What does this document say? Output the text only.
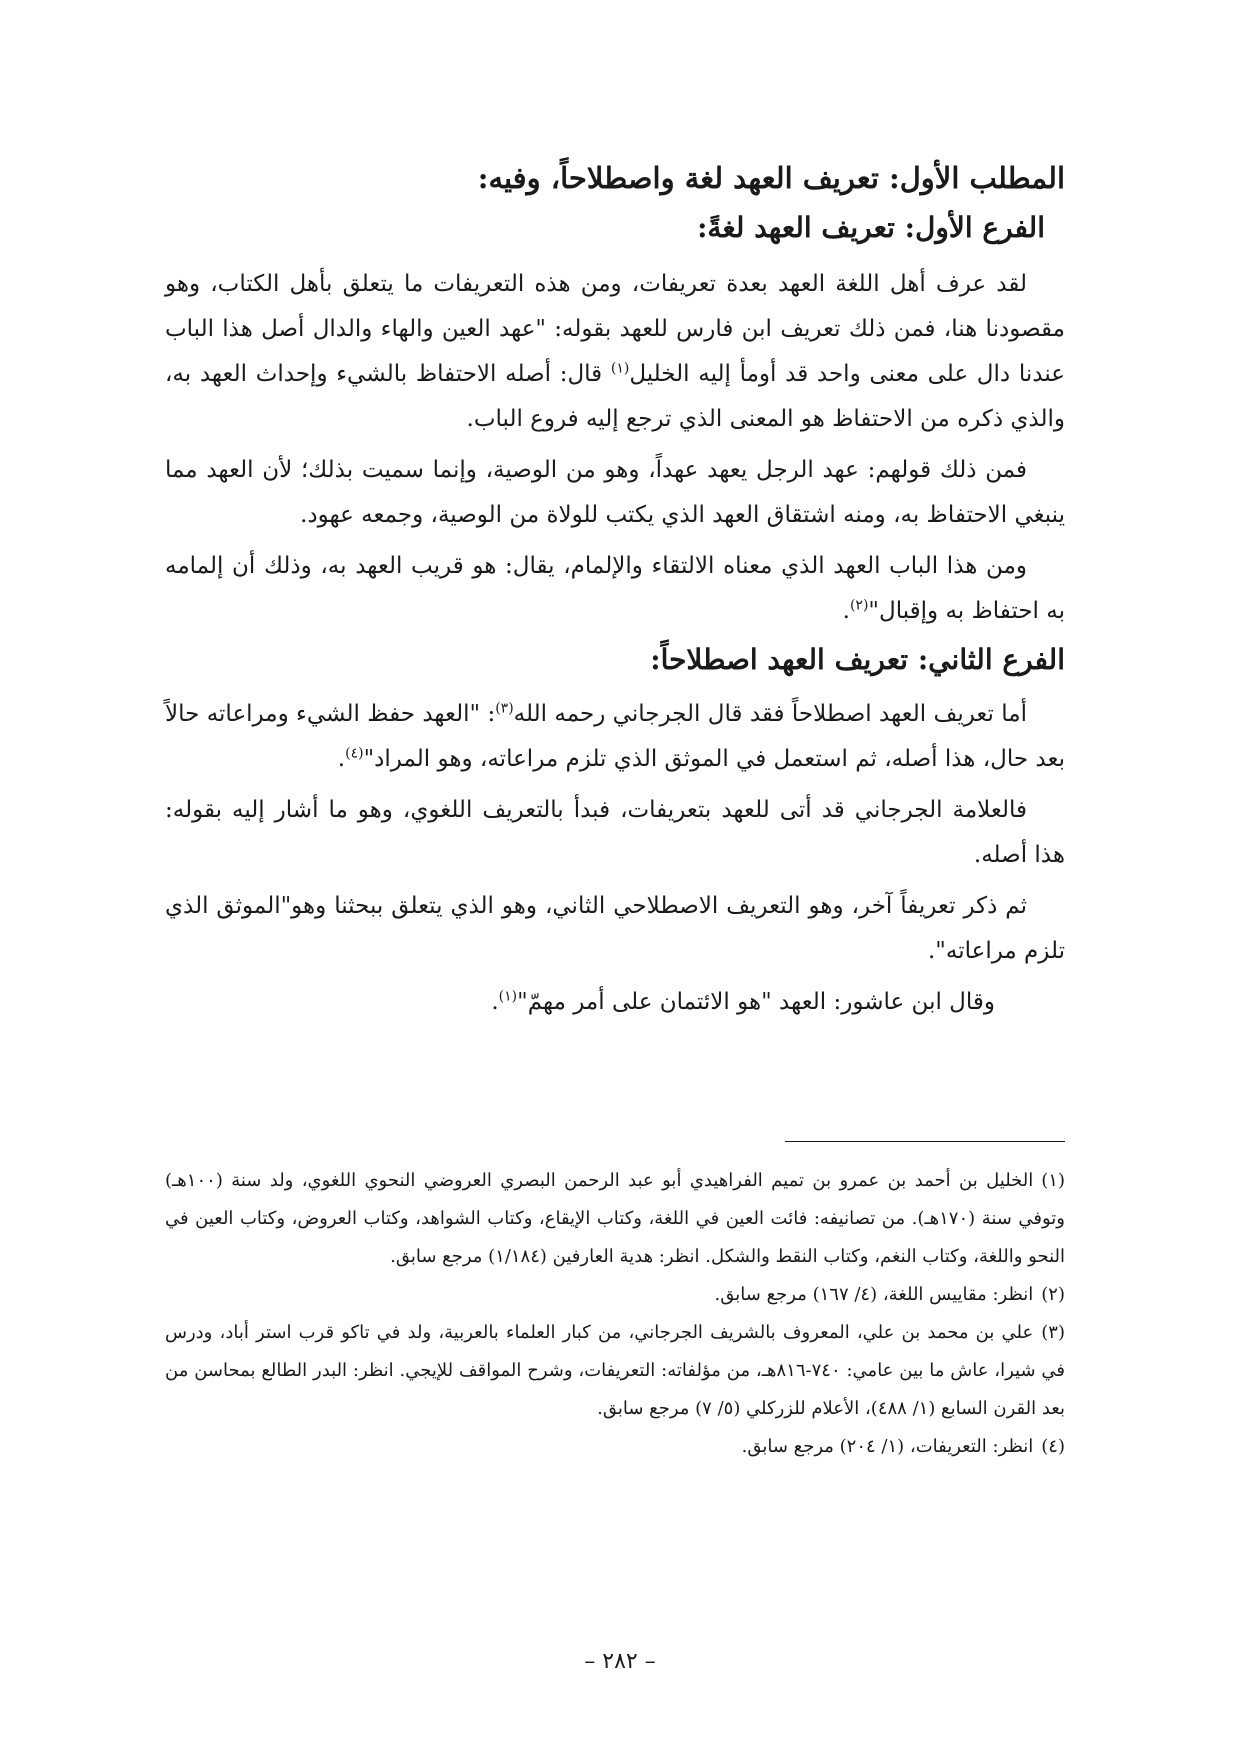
المطلب الأول: تعريف العهد لغة واصطلاحاً، وفيه:
الفرع الأول: تعريف العهد لغةً:

لقد عرف أهل اللغة العهد بعدة تعريفات، ومن هذه التعريفات ما يتعلق بأهل الكتاب، وهو مقصودنا هنا، فمن ذلك تعريف ابن فارس للعهد بقوله: "عهد العين والهاء والدال أصل هذا الباب عندنا دال على معنى واحد قد أومأ إليه الخليل$^{(١)}$ قال: أصله الاحتفاظ بالشيء وإحداث العهد به، والذي ذكره من الاحتفاظ هو المعنى الذي ترجع إليه فروع الباب.

فمن ذلك قولهم: عهد الرجل يعهد عهداً، وهو من الوصية، وإنما سميت بذلك؛ لأن العهد مما ينبغي الاحتفاظ به، ومنه اشتقاق العهد الذي يكتب للولاة من الوصية، وجمعه عهود.

ومن هذا الباب العهد الذي معناه الالتقاء والإلمام، يقال: هو قريب العهد به، وذلك أن إلمامه به احتفاظ به وإقبال"$^{(٢)}$.

الفرع الثاني: تعريف العهد اصطلاحاً:

أما تعريف العهد اصطلاحاً فقد قال الجرجاني رحمه الله$^{(٣)}$: "العهد حفظ الشيء ومراعاته حالاً بعد حال، هذا أصله، ثم استعمل في الموثق الذي تلزم مراعاته، وهو المراد"$^{(٤)}$.

فالعلامة الجرجاني قد أتى للعهد بتعريفات، فبدأ بالتعريف اللغوي، وهو ما أشار إليه بقوله: هذا أصله.

ثم ذكر تعريفاً آخر، وهو التعريف الاصطلاحي الثاني، وهو الذي يتعلق ببحثنا وهو"الموثق الذي تلزم مراعاته".

وقال ابن عاشور: العهد "هو الائتمان على أمر مهمّ"$^{(١)}$.

(١)الخليل بن أحمد بن عمرو بن تميم الفراهيدي أبو عبد الرحمن البصري العروضي النحوي اللغوي، ولد سنة (١٠٠هـ) وتوفي سنة (١٧٠هـ). من تصانيفه: فائت العين في اللغة، وكتاب الإيقاع، وكتاب الشواهد، وكتاب العروض، وكتاب العين في النحو واللغة، وكتاب النغم، وكتاب النقط والشكل. انظر: هدية العارفين (١/١٨٤) مرجع سابق.

(٢)انظر: مقاييس اللغة، (٤/ ١٦٧) مرجع سابق.

(٣)علي بن محمد بن علي، المعروف بالشريف الجرجاني، من كبار العلماء بالعربية، ولد في تاكو قرب استر أباد، ودرس في شيرا، عاش ما بين عامي: ٧٤٠-٨١٦هـ، من مؤلفاته: التعريفات، وشرح المواقف للإيجي. انظر: البدر الطالع بمحاسن من بعد القرن السابع (١/ ٤٨٨)، الأعلام للزركلي (٥/ ٧) مرجع سابق.

(٤)انظر: التعريفات، (١/ ٢٠٤) مرجع سابق.

– ٢٨٢ –
